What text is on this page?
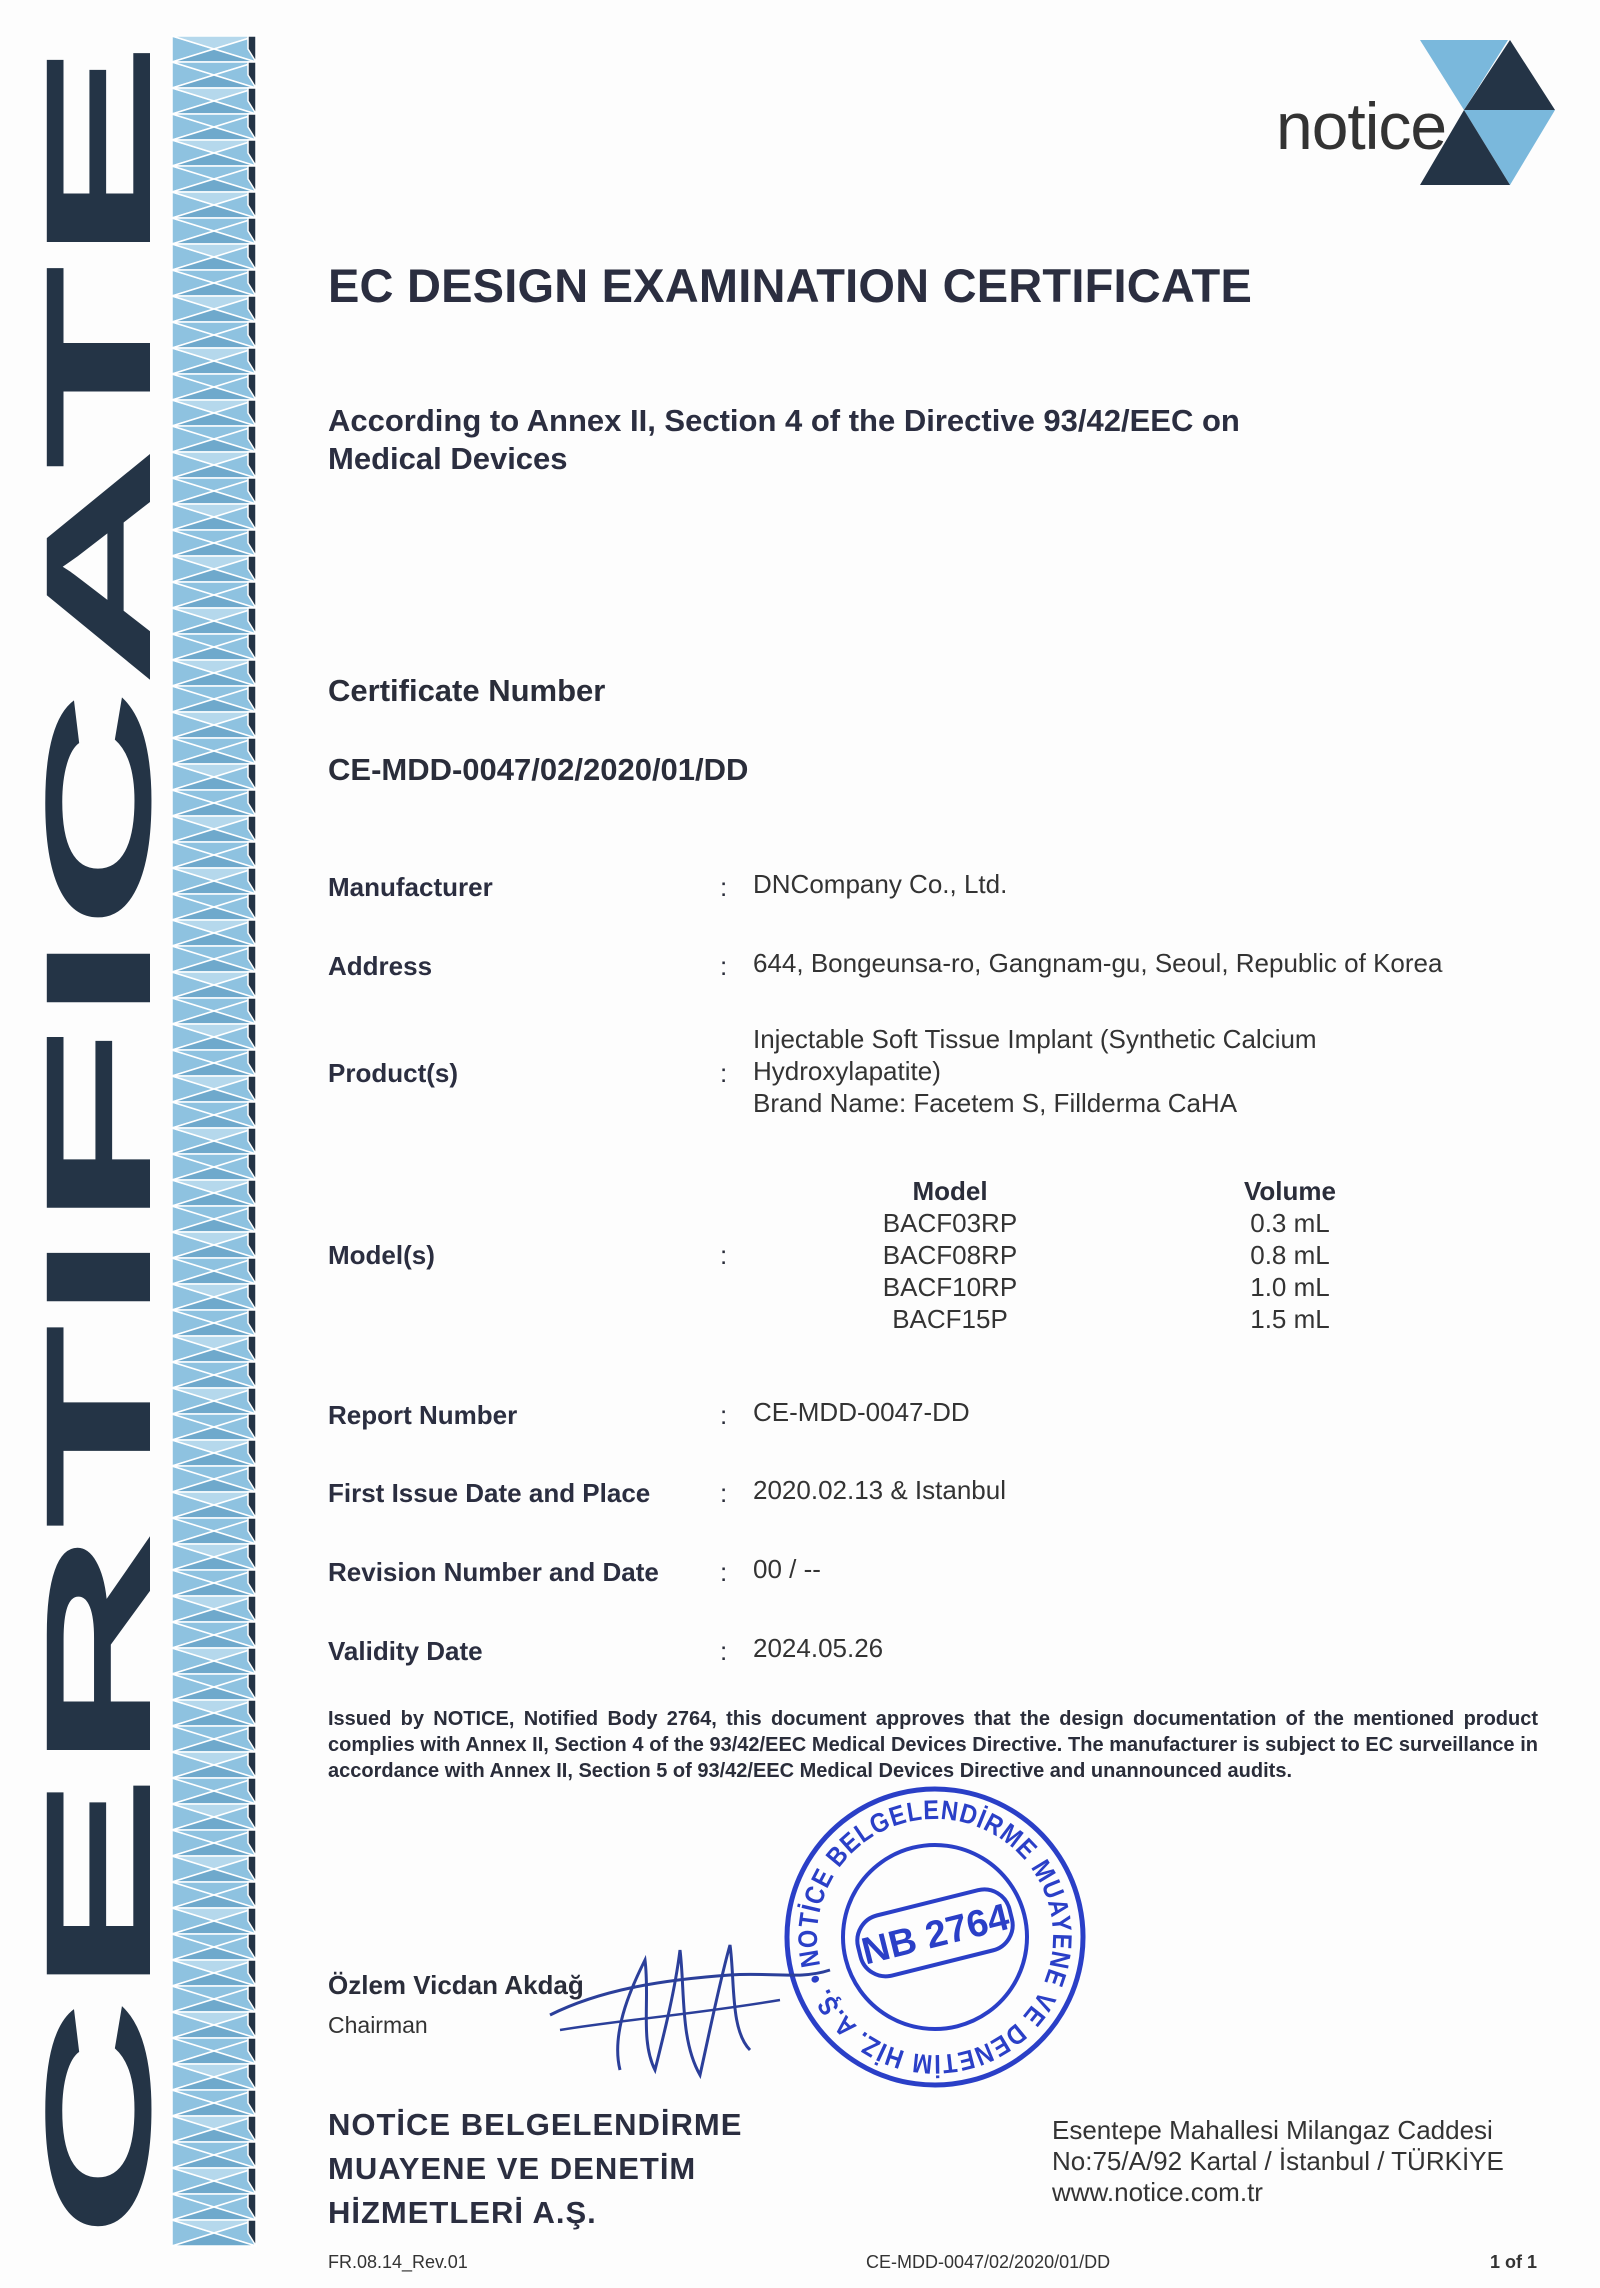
CERTIFICATE
notice
EC DESIGN EXAMINATION CERTIFICATE
According to Annex II, Section 4 of the Directive 93/42/EEC on
Medical Devices
Certificate Number
CE-MDD-0047/02/2020/01/DD
Manufacturer	: DNCompany Co., Ltd.
Address	: 644, Bongeunsa-ro, Gangnam-gu, Seoul, Republic of Korea
Product(s)	:
Injectable Soft Tissue Implant (Synthetic Calcium
Hydroxylapatite)
Brand Name: Facetem S, Fillderma CaHA
Model(s)	:
Model	Volume
BACF03RP	0.3 mL
BACF08RP	0.8 mL
BACF10RP	1.0 mL
BACF15P	1.5 mL
Report Number	: CE-MDD-0047-DD
First Issue Date and Place	: 2020.02.13 & Istanbul
Revision Number and Date : 00 / --
Validity Date	: 2024.05.26
Issued by NOTICE, Notified Body 2764, this document approves that the design documentation of the mentioned product complies with Annex II, Section 4 of the 93/42/EEC Medical Devices Directive. The manufacturer is subject to EC surveillance in accordance with Annex II, Section 5 of 93/42/EEC Medical Devices Directive and unannounced audits.
NOTİCE BELGELENDİRME MUAYENE VE DENETİM HİZ. A.Ş. •
NB 2764
Özlem Vicdan Akdağ
Chairman
NOTİCE BELGELENDİRME
MUAYENE VE DENETİM
HİZMETLERİ A.Ş.
Esentepe Mahallesi Milangaz Caddesi
No:75/A/92 Kartal / İstanbul / TÜRKİYE
www.notice.com.tr
FR.08.14_Rev.01	CE-MDD-0047/02/2020/01/DD	1 of 1
